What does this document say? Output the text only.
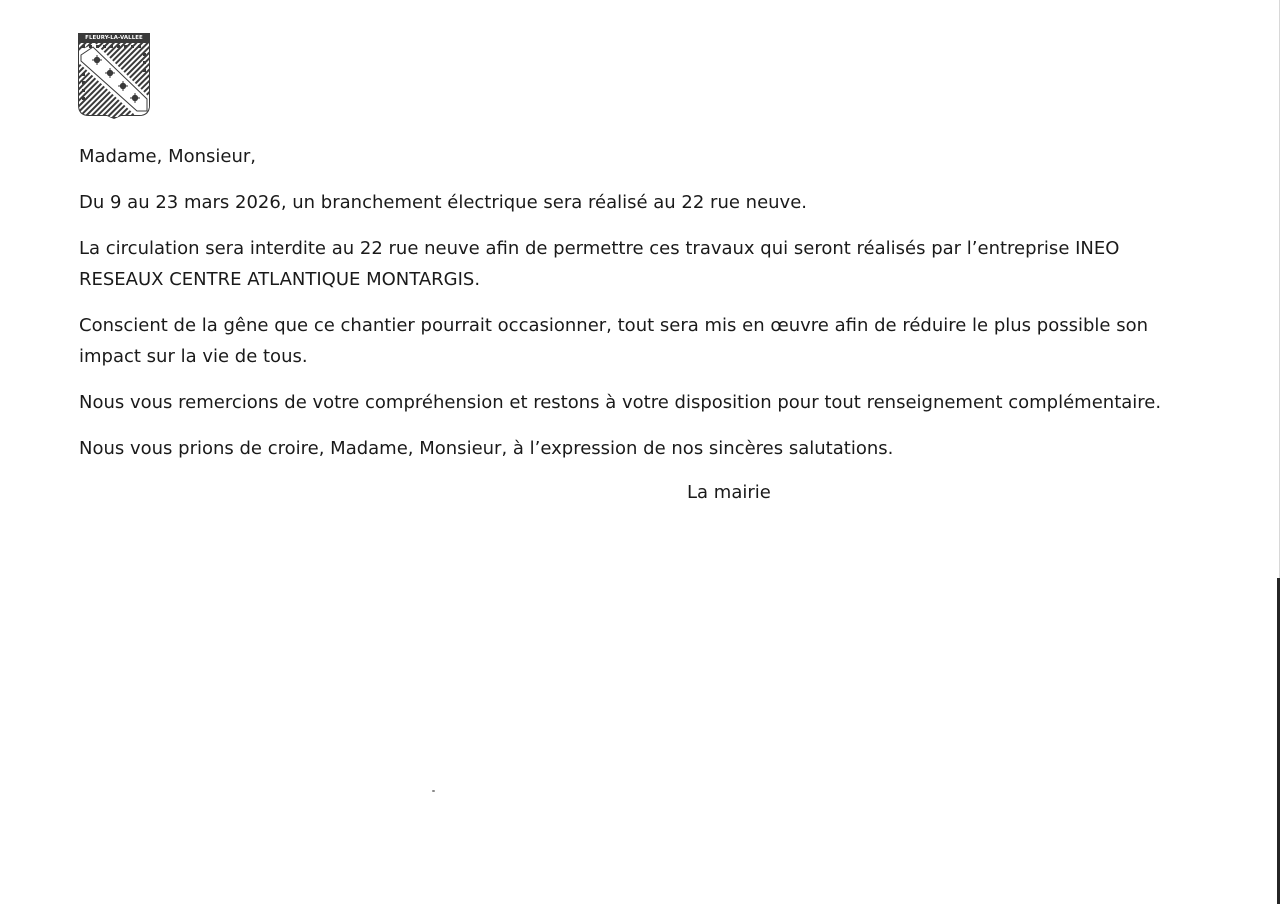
FLEURY-LA-VALLEE

Madame, Monsieur,

Du 9 au 23 mars 2026, un branchement électrique sera réalisé au 22 rue neuve.

La circulation sera interdite au 22 rue neuve afin de permettre ces travaux qui seront réalisés par l’entreprise INEO RESEAUX CENTRE ATLANTIQUE MONTARGIS.

Conscient de la gêne que ce chantier pourrait occasionner, tout sera mis en œuvre afin de réduire le plus possible son impact sur la vie de tous.

Nous vous remercions de votre compréhension et restons à votre disposition pour tout renseignement complémentaire.

Nous vous prions de croire, Madame, Monsieur, à l’expression de nos sincères salutations.

La mairie
